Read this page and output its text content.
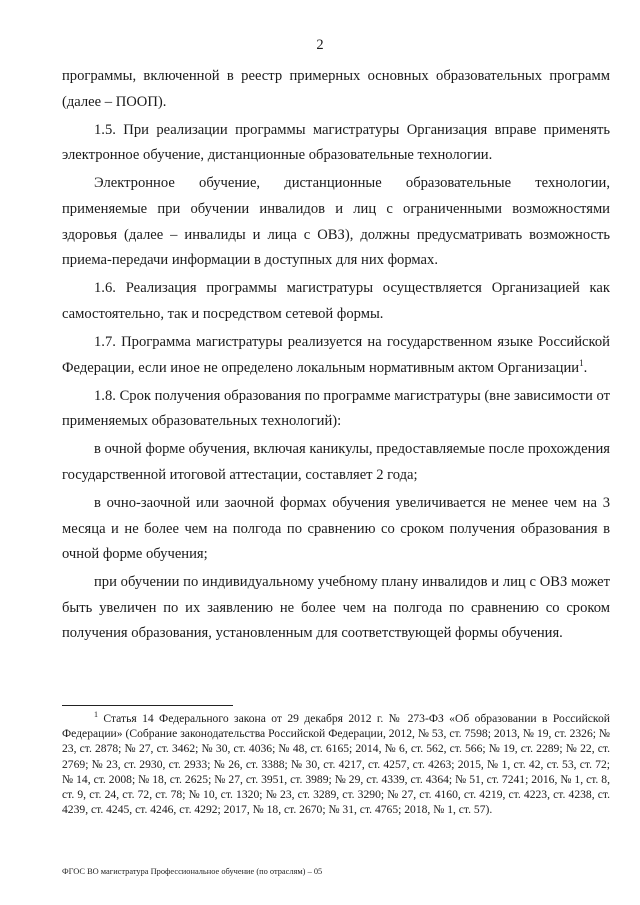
2

программы, включенной в реестр примерных основных образовательных программ (далее – ПООП).

1.5. При реализации программы магистратуры Организация вправе применять электронное обучение, дистанционные образовательные технологии.

Электронное обучение, дистанционные образовательные технологии, применяемые при обучении инвалидов и лиц с ограниченными возможностями здоровья (далее – инвалиды и лица с ОВЗ), должны предусматривать возможность приема-передачи информации в доступных для них формах.

1.6. Реализация программы магистратуры осуществляется Организацией как самостоятельно, так и посредством сетевой формы.

1.7. Программа магистратуры реализуется на государственном языке Российской Федерации, если иное не определено локальным нормативным актом Организации$^1$.

1.8. Срок получения образования по программе магистратуры (вне зависимости от применяемых образовательных технологий):

в очной форме обучения, включая каникулы, предоставляемые после прохождения государственной итоговой аттестации, составляет 2 года;

в очно-заочной или заочной формах обучения увеличивается не менее чем на 3 месяца и не более чем на полгода по сравнению со сроком получения образования в очной форме обучения;

при обучении по индивидуальному учебному плану инвалидов и лиц с ОВЗ может быть увеличен по их заявлению не более чем на полгода по сравнению со сроком получения образования, установленным для соответствующей формы обучения.

$^1$ Статья 14 Федерального закона от 29 декабря 2012 г. № 273-ФЗ «Об образовании в Российской Федерации» (Собрание законодательства Российской Федерации, 2012, № 53, ст. 7598; 2013, № 19, ст. 2326; № 23, ст. 2878; № 27, ст. 3462; № 30, ст. 4036; № 48, ст. 6165; 2014, № 6, ст. 562, ст. 566; № 19, ст. 2289; № 22, ст. 2769; № 23, ст. 2930, ст. 2933; № 26, ст. 3388; № 30, ст. 4217, ст. 4257, ст. 4263; 2015, № 1, ст. 42, ст. 53, ст. 72; № 14, ст. 2008; № 18, ст. 2625; № 27, ст. 3951, ст. 3989; № 29, ст. 4339, ст. 4364; № 51, ст. 7241; 2016, № 1, ст. 8, ст. 9, ст. 24, ст. 72, ст. 78; № 10, ст. 1320; № 23, ст. 3289, ст. 3290; № 27, ст. 4160, ст. 4219, ст. 4223, ст. 4238, ст. 4239, ст. 4245, ст. 4246, ст. 4292; 2017, № 18, ст. 2670; № 31, ст. 4765; 2018, № 1, ст. 57).
ФГОС ВО магистратура Профессиональное обучение (по отраслям) – 05
